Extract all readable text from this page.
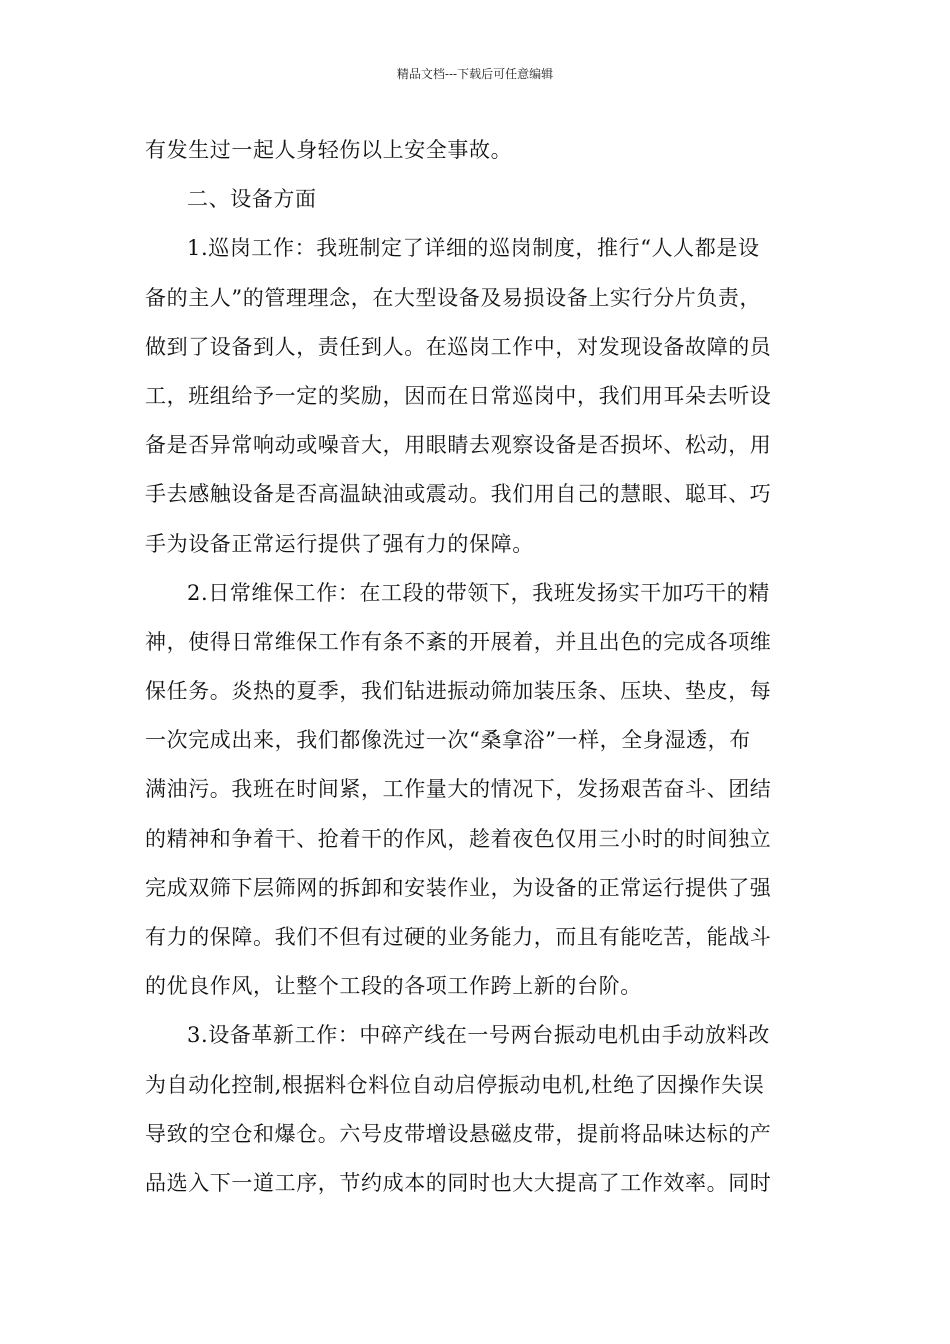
精品文档---下载后可任意编辑
有发生过一起人身轻伤以上安全事故。
二、设备方面
1.巡岗工作：我班制定了详细的巡岗制度，推行“人人都是设
备的主人”的管理理念，在大型设备及易损设备上实行分片负责，
做到了设备到人，责任到人。在巡岗工作中，对发现设备故障的员
工，班组给予一定的奖励，因而在日常巡岗中，我们用耳朵去听设
备是否异常响动或噪音大，用眼睛去观察设备是否损坏、松动，用
手去感触设备是否高温缺油或震动。我们用自己的慧眼、聪耳、巧
手为设备正常运行提供了强有力的保障。
2.日常维保工作：在工段的带领下，我班发扬实干加巧干的精
神，使得日常维保工作有条不紊的开展着，并且出色的完成各项维
保任务。炎热的夏季，我们钻进振动筛加装压条、压块、垫皮，每
一次完成出来，我们都像洗过一次“桑拿浴”一样，全身湿透，布
满油污。我班在时间紧，工作量大的情况下，发扬艰苦奋斗、团结
的精神和争着干、抢着干的作风，趁着夜色仅用三小时的时间独立
完成双筛下层筛网的拆卸和安装作业，为设备的正常运行提供了强
有力的保障。我们不但有过硬的业务能力，而且有能吃苦，能战斗
的优良作风，让整个工段的各项工作跨上新的台阶。
3.设备革新工作：中碎产线在一号两台振动电机由手动放料改
为自动化控制,根据料仓料位自动启停振动电机,杜绝了因操作失误
导致的空仓和爆仓。六号皮带增设悬磁皮带，提前将品味达标的产
品选入下一道工序，节约成本的同时也大大提高了工作效率。同时
